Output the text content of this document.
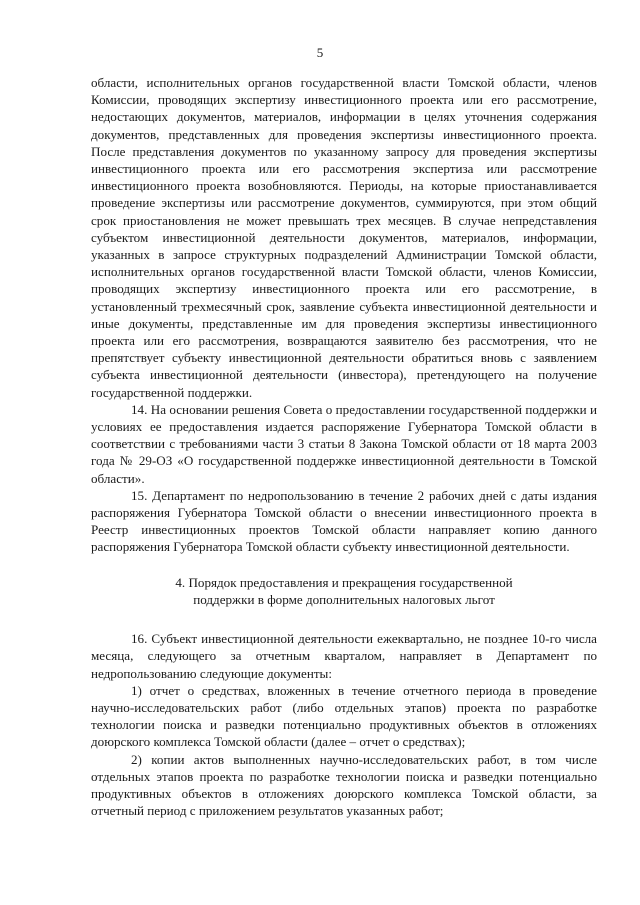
5

области, исполнительных органов государственной власти Томской области, членов Комиссии, проводящих экспертизу инвестиционного проекта или его рассмотрение, недостающих документов, материалов, информации в целях уточнения содержания документов, представленных для проведения экспертизы инвестиционного проекта. После представления документов по указанному запросу для проведения экспертизы инвестиционного проекта или его рассмотрения экспертиза или рассмотрение инвестиционного проекта возобновляются. Периоды, на которые приостанавливается проведение экспертизы или рассмотрение документов, суммируются, при этом общий срок приостановления не может превышать трех месяцев. В случае непредставления субъектом инвестиционной деятельности документов, материалов, информации, указанных в запросе структурных подразделений Администрации Томской области, исполнительных органов государственной власти Томской области, членов Комиссии, проводящих экспертизу инвестиционного проекта или его рассмотрение, в установленный трехмесячный срок, заявление субъекта инвестиционной деятельности и иные документы, представленные им для проведения экспертизы инвестиционного проекта или его рассмотрения, возвращаются заявителю без рассмотрения, что не препятствует субъекту инвестиционной деятельности обратиться вновь с заявлением субъекта инвестиционной деятельности (инвестора), претендующего на получение государственной поддержки.

14. На основании решения Совета о предоставлении государственной поддержки и условиях ее предоставления издается распоряжение Губернатора Томской области в соответствии с требованиями части 3 статьи 8 Закона Томской области от 18 марта 2003 года № 29-ОЗ «О государственной поддержке инвестиционной деятельности в Томской области».

15. Департамент по недропользованию в течение 2 рабочих дней с даты издания распоряжения Губернатора Томской области о внесении инвестиционного проекта в Реестр инвестиционных проектов Томской области направляет копию данного распоряжения Губернатора Томской области субъекту инвестиционной деятельности.

4. Порядок предоставления и прекращения государственной
поддержки в форме дополнительных налоговых льгот

16. Субъект инвестиционной деятельности ежеквартально, не позднее 10-го числа месяца, следующего за отчетным кварталом, направляет в Департамент по недропользованию следующие документы:

1) отчет о средствах, вложенных в течение отчетного периода в проведение научно-исследовательских работ (либо отдельных этапов) проекта по разработке технологии поиска и разведки потенциально продуктивных объектов в отложениях доюрского комплекса Томской области (далее – отчет о средствах);

2) копии актов выполненных научно-исследовательских работ, в том числе отдельных этапов проекта по разработке технологии поиска и разведки потенциально продуктивных объектов в отложениях доюрского комплекса Томской области, за отчетный период с приложением результатов указанных работ;
